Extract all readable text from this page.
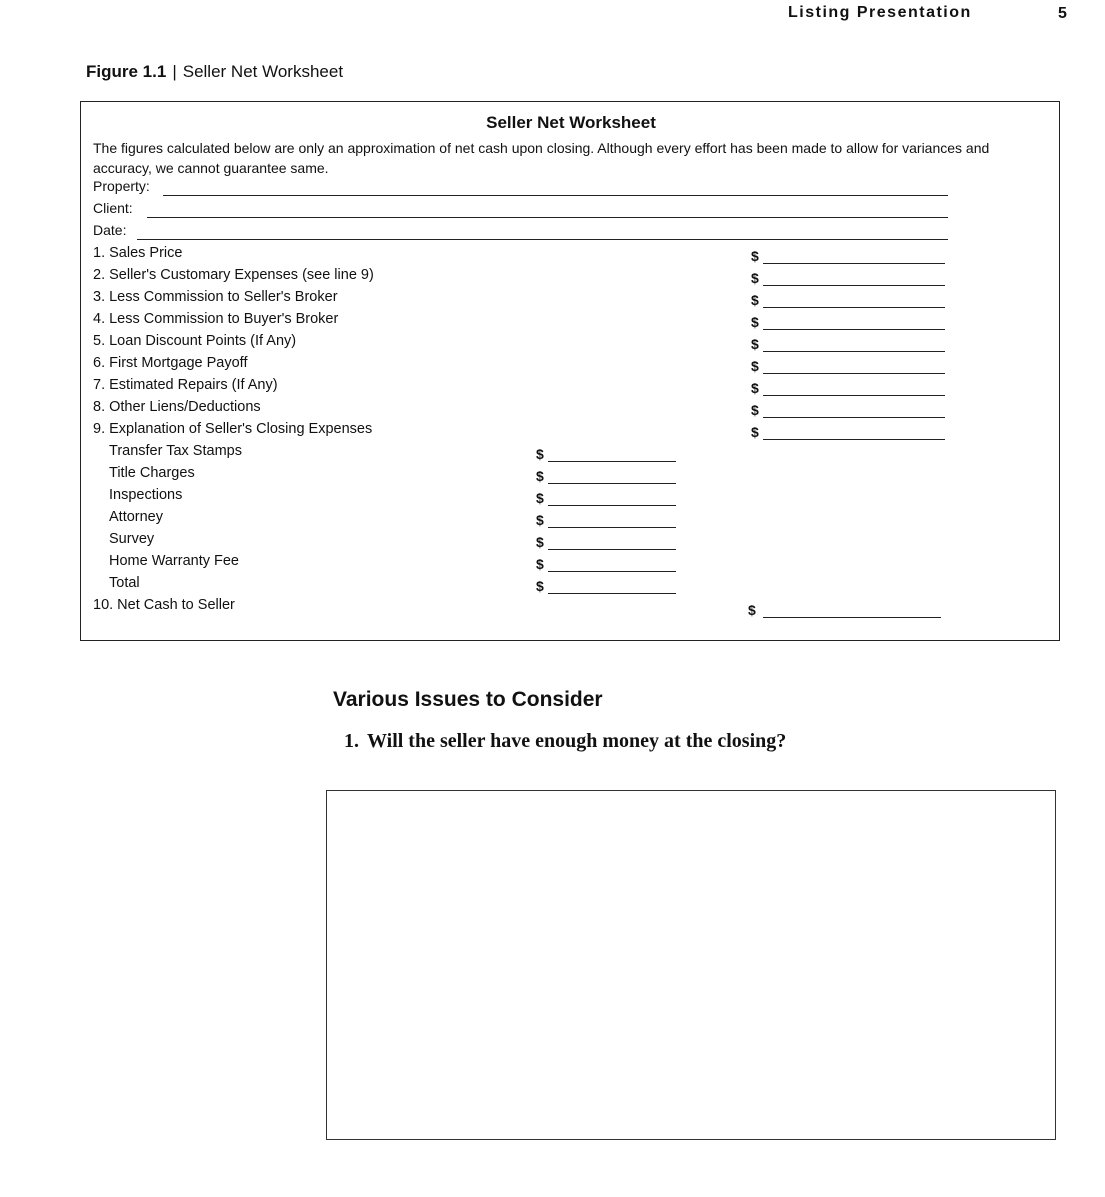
Listing Presentation	5
Figure 1.1 | Seller Net Worksheet
Seller Net Worksheet
The figures calculated below are only an approximation of net cash upon closing. Although every effort has been made to allow for variances and accuracy, we cannot guarantee same.
Property:
Client:
Date:
1. Sales Price
2. Seller's Customary Expenses (see line 9)
3. Less Commission to Seller's Broker
4. Less Commission to Buyer's Broker
5. Loan Discount Points (If Any)
6. First Mortgage Payoff
7. Estimated Repairs (If Any)
8. Other Liens/Deductions
9. Explanation of Seller's Closing Expenses
Transfer Tax Stamps
Title Charges
Inspections
Attorney
Survey
Home Warranty Fee
Total
10. Net Cash to Seller
$
$
$
$
$
$
$
$
$
$
$
$
$
$
$
$
$
Various Issues to Consider
1. Will the seller have enough money at the closing?
